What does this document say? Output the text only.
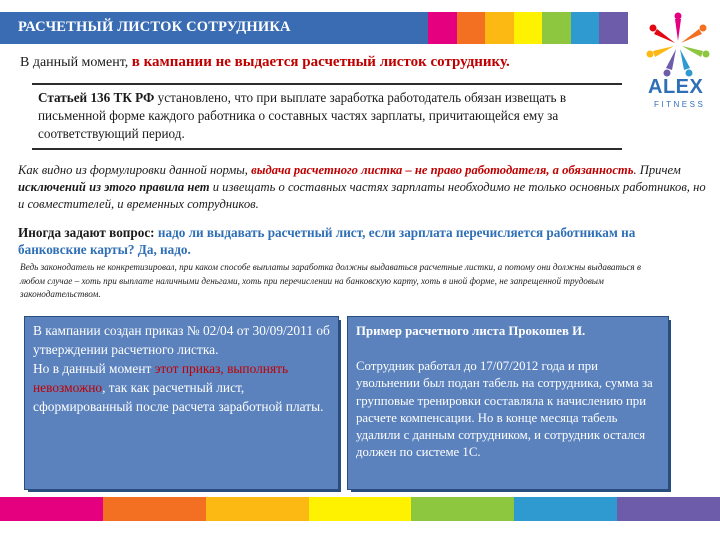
РАСЧЕТНЫЙ ЛИСТОК СОТРУДНИКА
ALEX
FITNESS
В данный момент, в кампании не выдается расчетный листок сотруднику.
Статьей 136 ТК РФ установлено, что при выплате заработка работодатель обязан извещать в письменной форме каждого работника о составных частях зарплаты, причитающейся ему за соответствующий период.
Как видно из формулировки данной нормы, выдача расчетного листка – не право работодателя, а обязанность. Причем исключений из этого правила нет и извещать о составных частях зарплаты необходимо не только основных работников, но и совместителей, и временных сотрудников.
Иногда задают вопрос: надо ли выдавать расчетный лист, если зарплата перечисляется работникам на банковские карты? Да, надо.
Ведь законодатель не конкретизировал, при каком способе выплаты заработка должны выдаваться расчетные листки, а потому они должны выдаваться в любом случае – хоть при выплате наличными деньгами, хоть при перечислении на банковскую карту, хоть в иной форме, не запрещенной трудовым законодательством.
В кампании создан приказ № 02/04 от 30/09/2011 об утверждении расчетного листка.
Но в данный момент этот приказ, выполнять невозможно, так как расчетный лист, сформированный после расчета заработной платы.
Пример расчетного листа Прокошев И.
Сотрудник работал до 17/07/2012 года и при увольнении был подан табель на сотрудника, сумма за групповые тренировки составляла к начислению при расчете компенсации. Но в конце месяца табель удалили с данным сотрудником, и сотрудник остался должен по системе 1С.
